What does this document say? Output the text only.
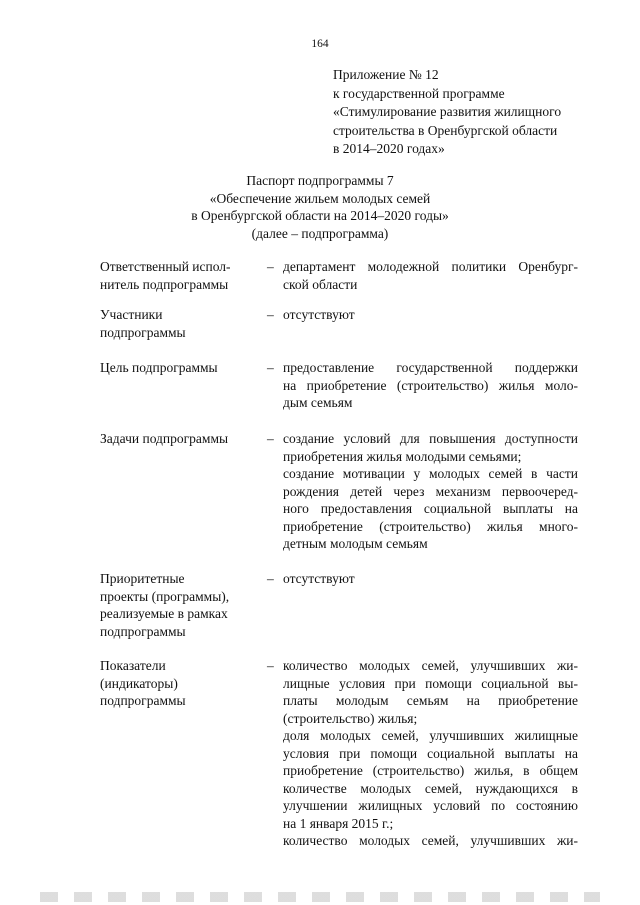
164
Приложение № 12
к государственной программе
«Стимулирование развития жилищного
строительства в Оренбургской области
в 2014–2020 годах»
Паспорт подпрограммы 7
«Обеспечение жильем молодых семей
в Оренбургской области на 2014–2020 годы»
(далее – подпрограмма)
Ответственный испол-
нитель подпрограммы
– департамент молодежной политики Оренбург-
ской области
Участники
подпрограммы
– отсутствуют
Цель подпрограммы	– предоставление государственной поддержки
на приобретение (строительство) жилья моло-
дым семьям
Задачи подпрограммы	– создание условий для повышения доступности
приобретения жилья молодыми семьями;
создание мотивации у молодых семей в части
рождения детей через механизм первоочеред-
ного предоставления социальной выплаты на
приобретение (строительство) жилья много-
детным молодым семьям
Приоритетные
проекты (программы),
реализуемые в рамках
подпрограммы
– отсутствуют
Показатели
(индикаторы)
подпрограммы
– количество молодых семей, улучшивших жи-
лищные условия при помощи социальной вы-
платы молодым семьям на приобретение
(строительство) жилья;
доля молодых семей, улучшивших жилищные
условия при помощи социальной выплаты на
приобретение (строительство) жилья, в общем
количестве молодых семей, нуждающихся в
улучшении жилищных условий по состоянию
на 1 января 2015 г.;
количество молодых семей, улучшивших жи-
